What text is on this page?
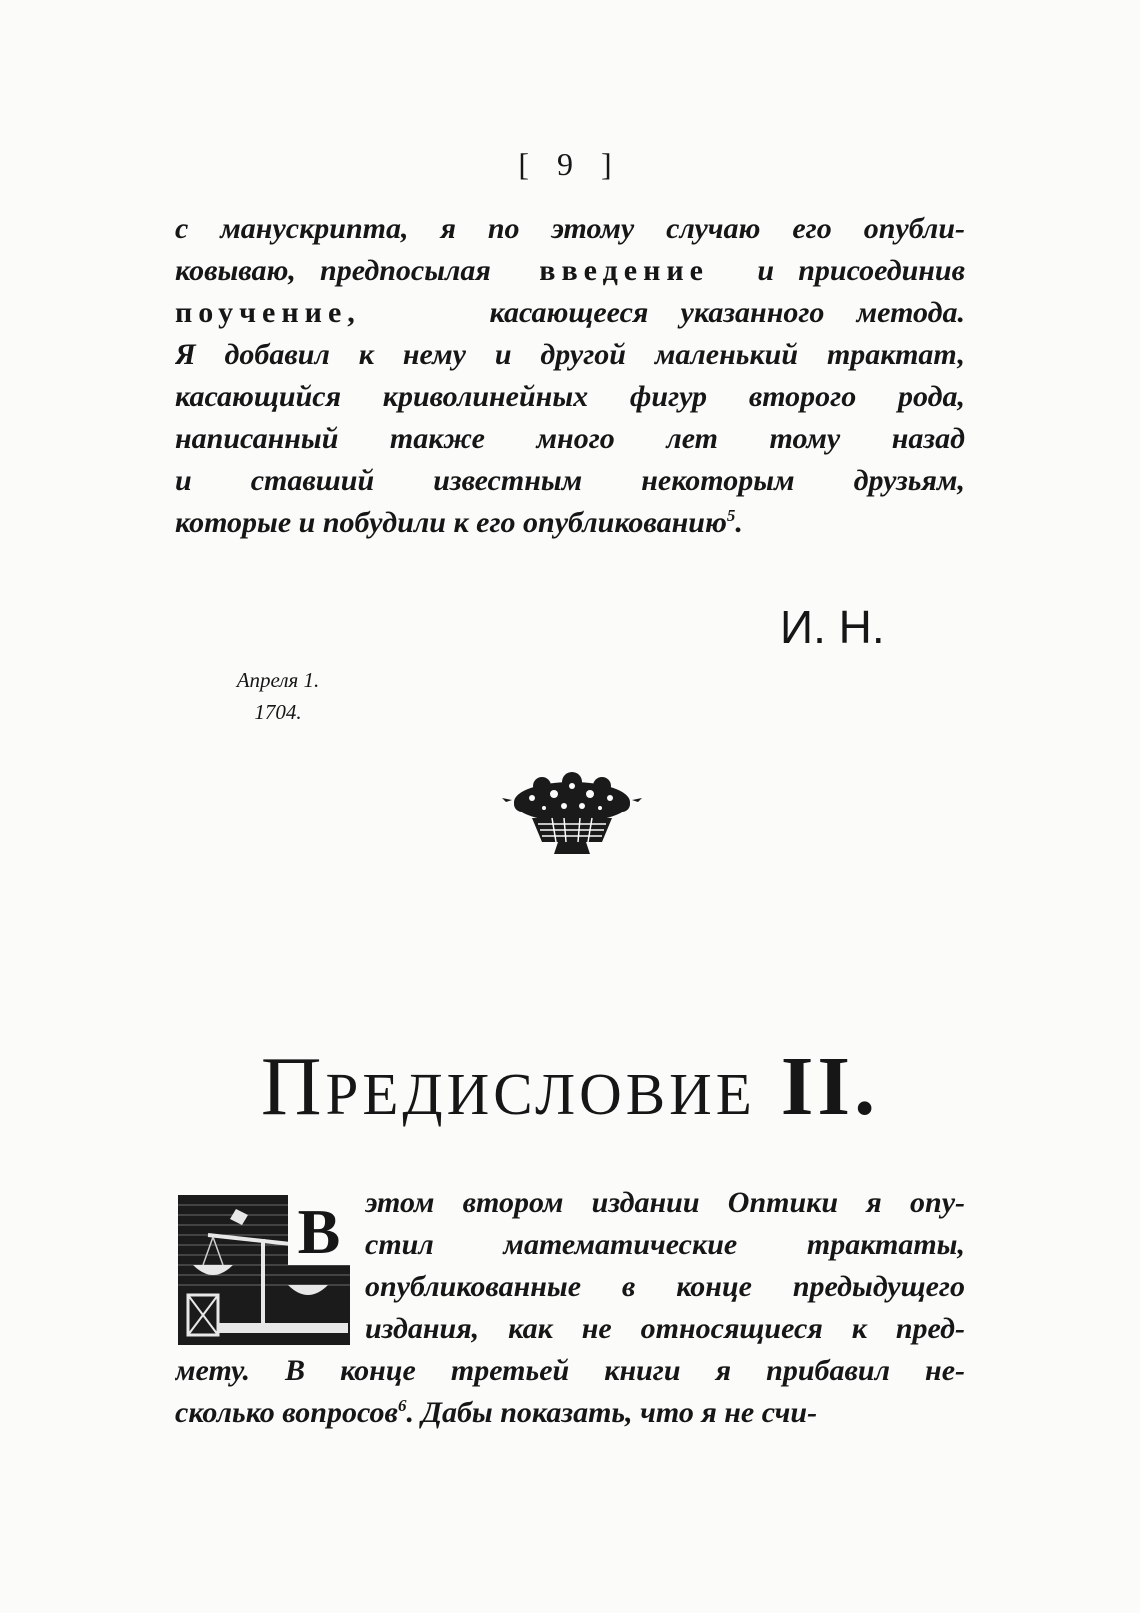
[ 9 ]
с манускрипта, я по этому случаю его опубли-
ковываю, предпосылая введение и присоединив
поучение,	касающееся указанного метода.
Я добавил к нему и другой маленький трактат,
касающийся криволинейных фигур второго рода,
написанный также много лет тому назад
и ставший известным некоторым друзьям,
которые и побудили к его опубликованию$^5$.
И. Н.
Апреля 1.
1704.
Предисловие II.
В этом втором издании Оптики я опу-
стил математические трактаты,
опубликованные в конце предыдущего
издания, как не относящиеся к пред-
мету. В конце третьей книги я прибавил не-
сколько вопросов$^6$. Дабы показать, что я не счи-
